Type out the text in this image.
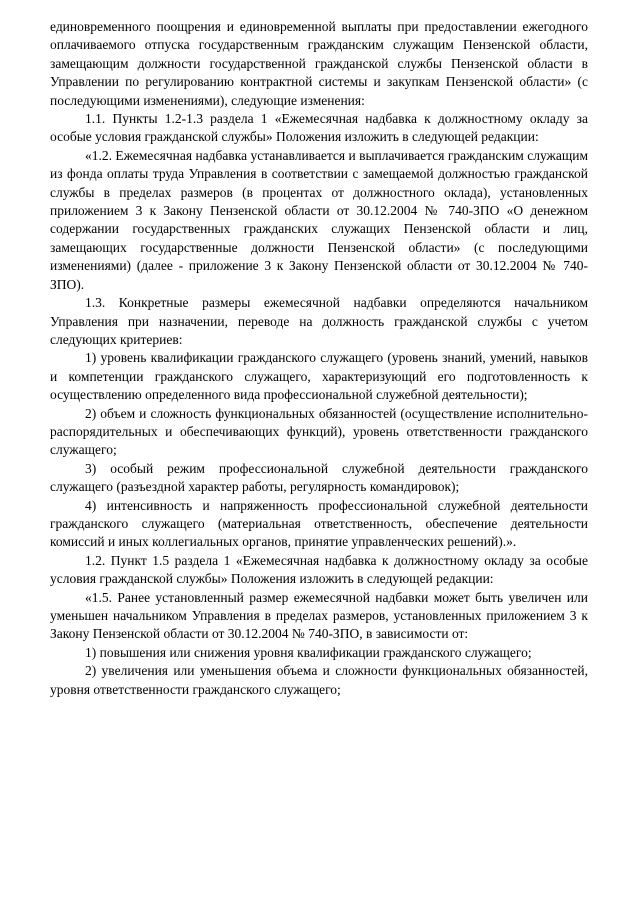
единовременного поощрения и единовременной выплаты при предоставлении ежегодного оплачиваемого отпуска государственным гражданским служащим Пензенской области, замещающим должности государственной гражданской службы Пензенской области в Управлении по регулированию контрактной системы и закупкам Пензенской области» (с последующими изменениями), следующие изменения:

1.1. Пункты 1.2-1.3 раздела 1 «Ежемесячная надбавка к должностному окладу за особые условия гражданской службы» Положения изложить в следующей редакции:

«1.2. Ежемесячная надбавка устанавливается и выплачивается гражданским служащим из фонда оплаты труда Управления в соответствии с замещаемой должностью гражданской службы в пределах размеров (в процентах от должностного оклада), установленных приложением 3 к Закону Пензенской области от 30.12.2004 № 740-ЗПО «О денежном содержании государственных гражданских служащих Пензенской области и лиц, замещающих государственные должности Пензенской области» (с последующими изменениями) (далее - приложение 3 к Закону Пензенской области от 30.12.2004 № 740-ЗПО).

1.3. Конкретные размеры ежемесячной надбавки определяются начальником Управления при назначении, переводе на должность гражданской службы с учетом следующих критериев:

1) уровень квалификации гражданского служащего (уровень знаний, умений, навыков и компетенции гражданского служащего, характеризующий его подготовленность к осуществлению определенного вида профессиональной служебной деятельности);

2) объем и сложность функциональных обязанностей (осуществление исполнительно-распорядительных и обеспечивающих функций), уровень ответственности гражданского служащего;

3) особый режим профессиональной служебной деятельности гражданского служащего (разъездной характер работы, регулярность командировок);

4) интенсивность и напряженность профессиональной служебной деятельности гражданского служащего (материальная ответственность, обеспечение деятельности комиссий и иных коллегиальных органов, принятие управленческих решений).».

1.2. Пункт 1.5 раздела 1 «Ежемесячная надбавка к должностному окладу за особые условия гражданской службы» Положения изложить в следующей редакции:

«1.5. Ранее установленный размер ежемесячной надбавки может быть увеличен или уменьшен начальником Управления в пределах размеров, установленных приложением 3 к Закону Пензенской области от 30.12.2004 № 740-ЗПО, в зависимости от:

1) повышения или снижения уровня квалификации гражданского служащего;

2) увеличения или уменьшения объема и сложности функциональных обязанностей, уровня ответственности гражданского служащего;
